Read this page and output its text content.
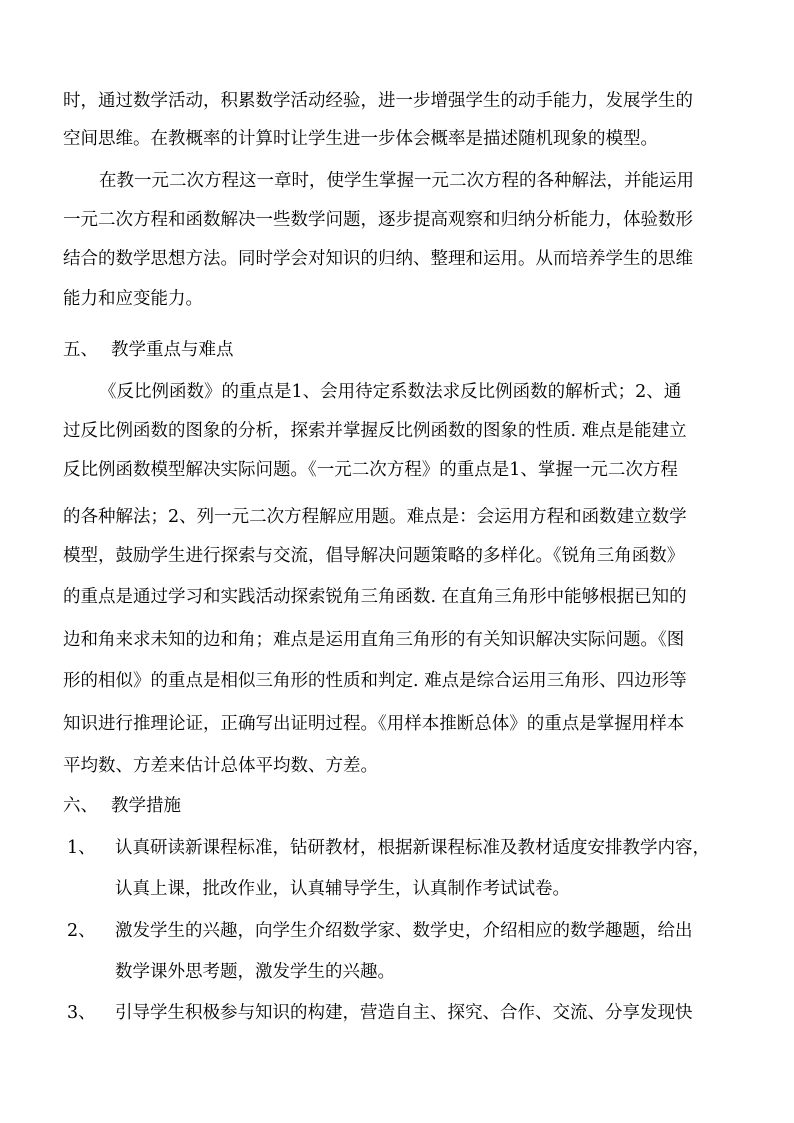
时，通过数学活动，积累数学活动经验，进一步增强学生的动手能力，发展学生的
空间思维。在教概率的计算时让学生进一步体会概率是描述随机现象的模型。
在教一元二次方程这一章时，使学生掌握一元二次方程的各种解法，并能运用
一元二次方程和函数解决一些数学问题，逐步提高观察和归纳分析能力，体验数形
结合的数学思想方法。同时学会对知识的归纳、整理和运用。从而培养学生的思维
能力和应变能力。
五、 教学重点与难点
《反比例函数》的重点是1、会用待定系数法求反比例函数的解析式；2、通
过反比例函数的图象的分析，探索并掌握反比例函数的图象的性质. 难点是能建立
反比例函数模型解决实际问题。《一元二次方程》的重点是1、掌握一元二次方程
的各种解法；2、列一元二次方程解应用题。难点是：会运用方程和函数建立数学
模型，鼓励学生进行探索与交流，倡导解决问题策略的多样化。《锐角三角函数》
的重点是通过学习和实践活动探索锐角三角函数. 在直角三角形中能够根据已知的
边和角来求未知的边和角；难点是运用直角三角形的有关知识解决实际问题。《图
形的相似》的重点是相似三角形的性质和判定. 难点是综合运用三角形、四边形等
知识进行推理论证，正确写出证明过程。《用样本推断总体》的重点是掌握用样本
平均数、方差来估计总体平均数、方差。
六、 教学措施
1、 认真研读新课程标准，钻研教材，根据新课程标准及教材适度安排教学内容，
认真上课，批改作业，认真辅导学生，认真制作考试试卷。
2、 激发学生的兴趣，向学生介绍数学家、数学史，介绍相应的数学趣题，给出
数学课外思考题，激发学生的兴趣。
3、 引导学生积极参与知识的构建，营造自主、探究、合作、交流、分享发现快
